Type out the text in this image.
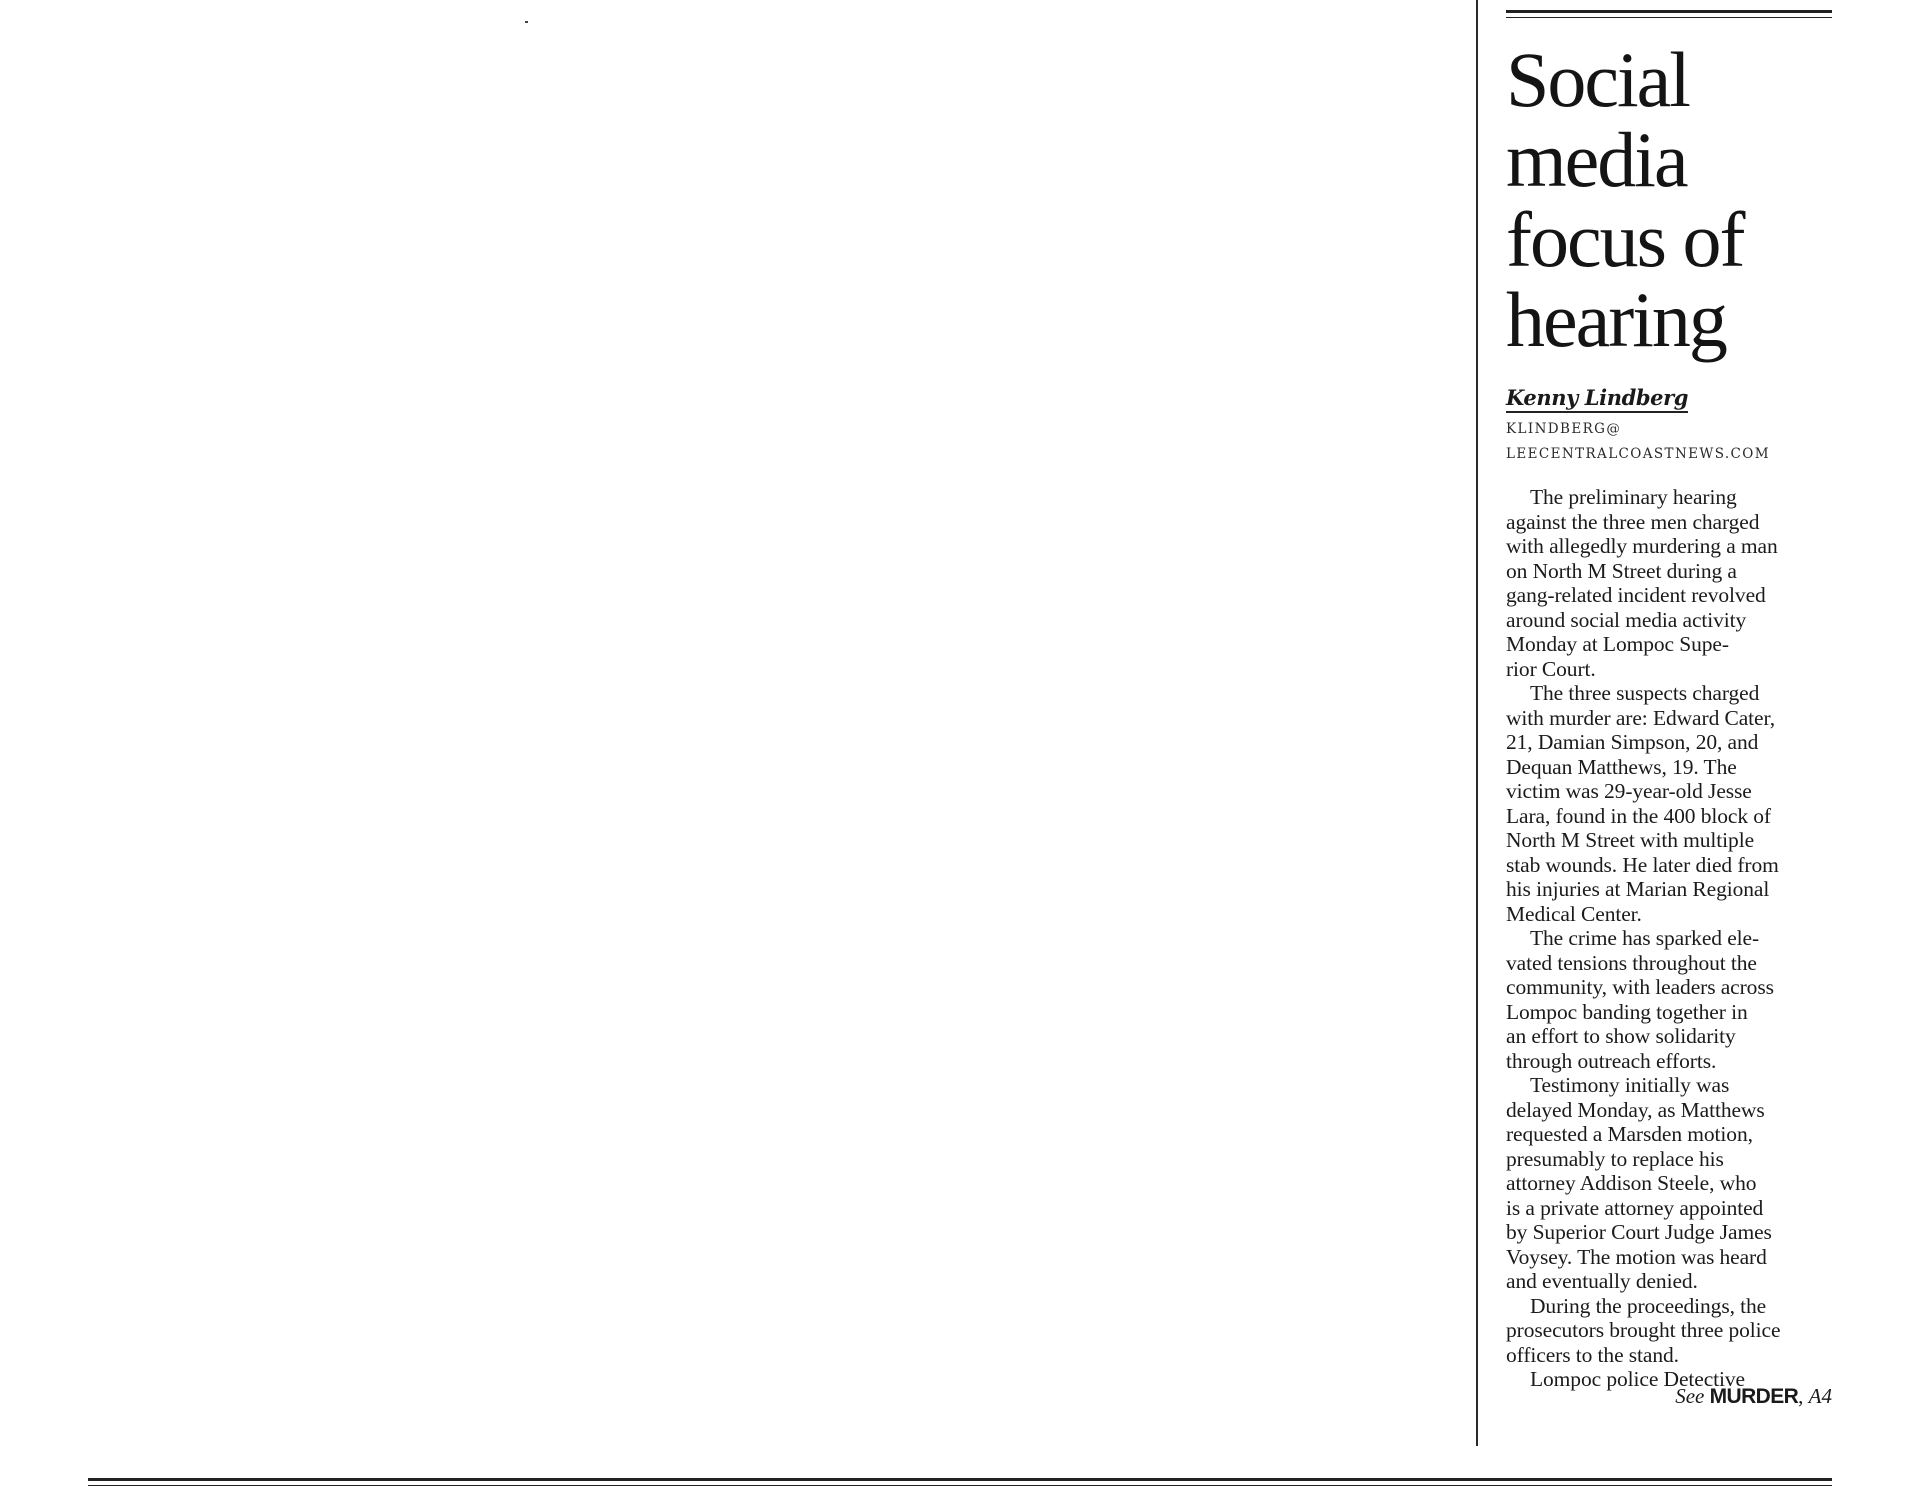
Social
media
focus of
hearing
Kenny Lindberg
KLINDBERG@
LEECENTRALCOASTNEWS.COM

The preliminary hearing
against the three men charged
with allegedly murdering a man
on North M Street during a
gang-related incident revolved
around social media activity
Monday at Lompoc Supe-
rior Court.

The three suspects charged
with murder are: Edward Cater,
21, Damian Simpson, 20, and
Dequan Matthews, 19. The
victim was 29-year-old Jesse
Lara, found in the 400 block of
North M Street with multiple
stab wounds. He later died from
his injuries at Marian Regional
Medical Center.

The crime has sparked ele-
vated tensions throughout the
community, with leaders across
Lompoc banding together in
an effort to show solidarity
through outreach efforts.

Testimony initially was
delayed Monday, as Matthews
requested a Marsden motion,
presumably to replace his
attorney Addison Steele, who
is a private attorney appointed
by Superior Court Judge James
Voysey. The motion was heard
and eventually denied.

During the proceedings, the
prosecutors brought three police
officers to the stand.

Lompoc police Detective

See MURDER, A4
